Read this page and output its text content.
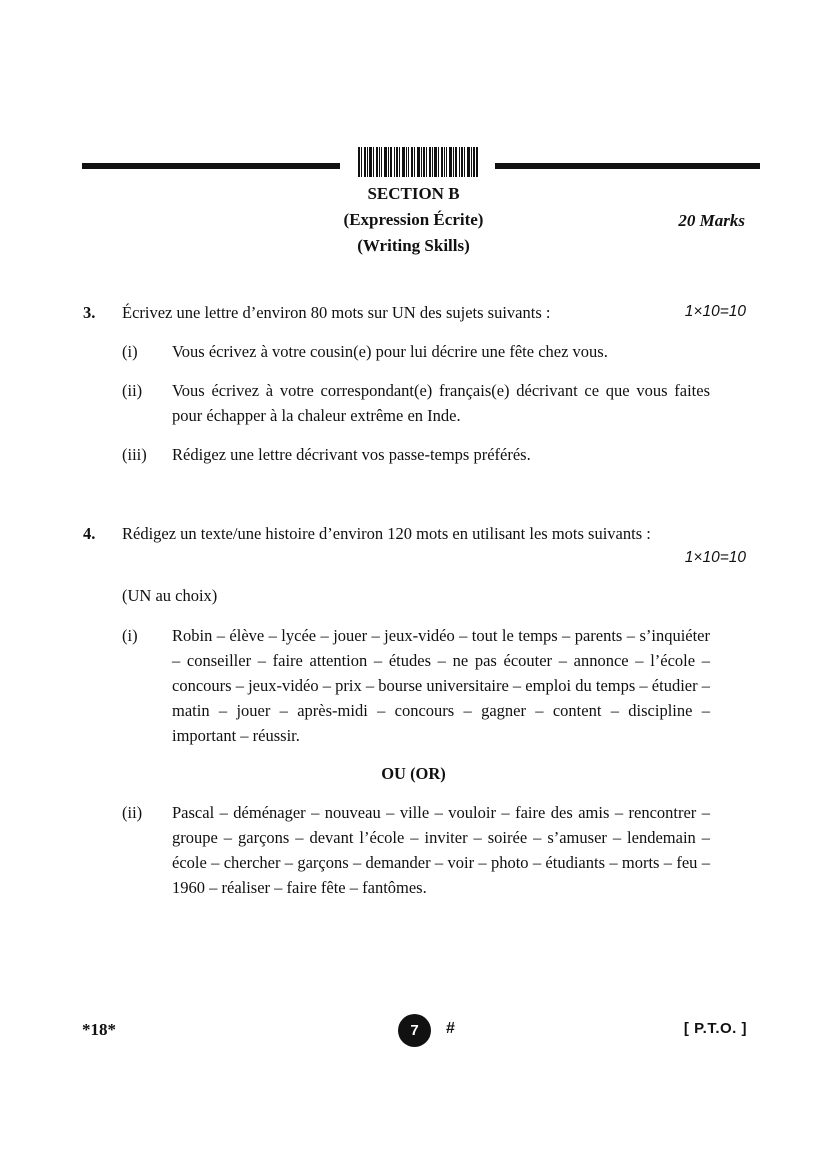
SECTION B
(Expression Écrite)
(Writing Skills)
20 Marks
3. Écrivez une lettre d’environ 80 mots sur UN des sujets suivants :	1×10=10
(i) Vous écrivez à votre cousin(e) pour lui décrire une fête chez vous.
(ii) Vous écrivez à votre correspondant(e) français(e) décrivant ce que vous faites pour échapper à la chaleur extrême en Inde.
(iii) Rédigez une lettre décrivant vos passe-temps préférés.
4. Rédigez un texte/une histoire d’environ 120 mots en utilisant les mots suivants :
1×10=10
(UN au choix)
(i) Robin – élève – lycée – jouer – jeux-vidéo – tout le temps – parents – s’inquiéter – conseiller – faire attention – études – ne pas écouter – annonce – l’école – concours – jeux-vidéo – prix – bourse universitaire – emploi du temps – étudier – matin – jouer – après-midi – concours – gagner – content – discipline – important – réussir.
OU (OR)
(ii) Pascal – déménager – nouveau – ville – vouloir – faire des amis – rencontrer – groupe – garçons – devant l’école – inviter – soirée – s’amuser – lendemain – école – chercher – garçons – demander – voir – photo – étudiants – morts – feu – 1960 – réaliser – faire fête – fantômes.
*18*	7	#	[ P.T.O. ]
